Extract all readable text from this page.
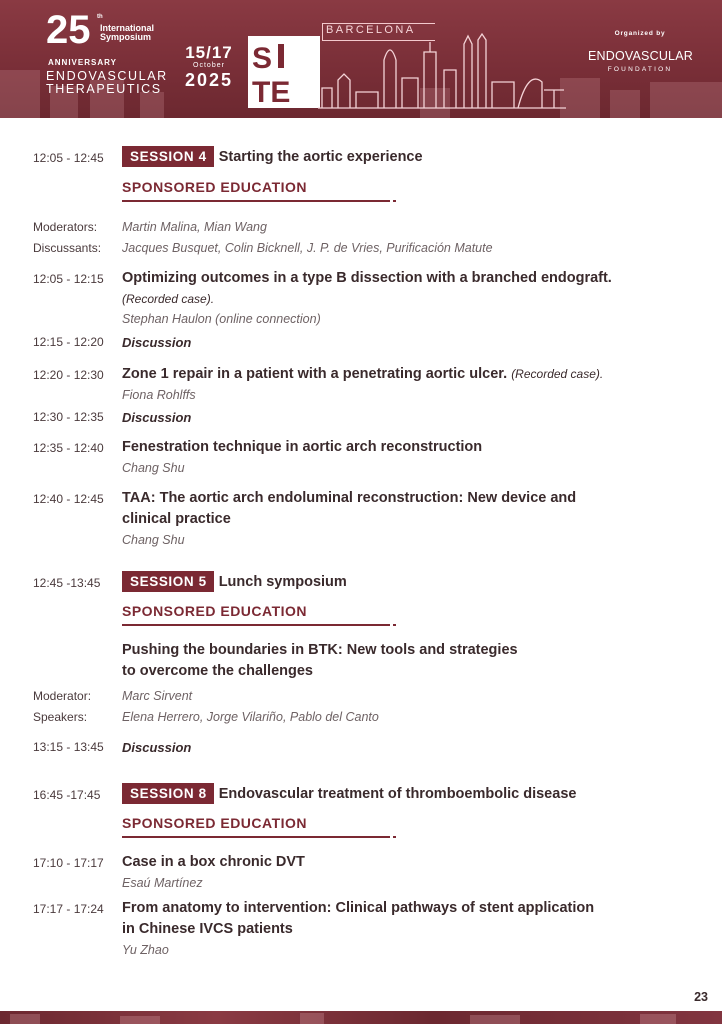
25 th
International Symposium
ANNIVERSARY
ENDOVASCULAR THERAPEUTICS
15/17
October
2025
S
TE
BARCELONA	Organized by
ENDOVASCULAR
FOUNDATION
12:05 - 12:45	SESSION 4 Starting the aortic experience
SPONSORED EDUCATION
Moderators: Martin Malina, Mian Wang
Discussants: Jacques Busquet, Colin Bicknell, J. P. de Vries, Purificación Matute
12:05 - 12:15 Optimizing outcomes in a type B dissection with a branched endograft.
(Recorded case).
Stephan Haulon (online connection)
12:15 - 12:20 Discussion
12:20 - 12:30 Zone 1 repair in a patient with a penetrating aortic ulcer. (Recorded case).
Fiona Rohlffs
12:30 - 12:35 Discussion
12:35 - 12:40 Fenestration technique in aortic arch reconstruction
Chang Shu
12:40 - 12:45 TAA: The aortic arch endoluminal reconstruction: New device and
clinical practice
Chang Shu
12:45 -13:45	SESSION 5 Lunch symposium
SPONSORED EDUCATION
Pushing the boundaries in BTK: New tools and strategies
to overcome the challenges
Moderator: Marc Sirvent
Speakers:	Elena Herrero, Jorge Vilariño, Pablo del Canto
13:15 - 13:45 Discussion
16:45 -17:45	SESSION 8 Endovascular treatment of thromboembolic disease
SPONSORED EDUCATION
17:10 - 17:17 Case in a box chronic DVT
Esaú Martínez
17:17 - 17:24 From anatomy to intervention: Clinical pathways of stent application
in Chinese IVCS patients
Yu Zhao
23
